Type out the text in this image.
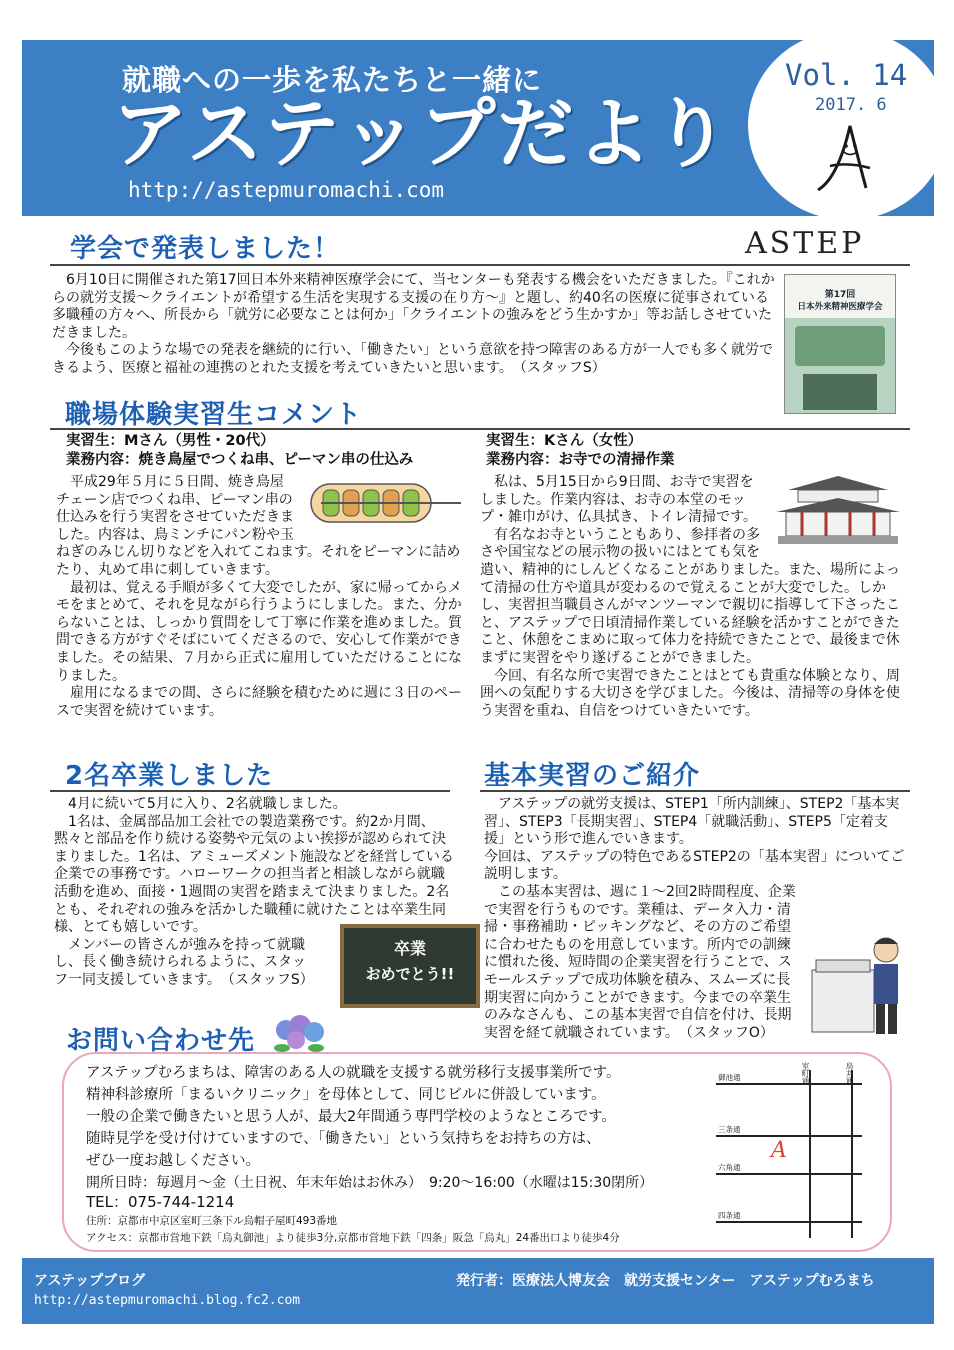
就職への一歩を私たちと一緒に
アステップだより
http://astepmuromachi.com
Vol. 14
2017. 6
学会で発表しました！	ASTEP

6月10日に開催された第17回日本外来精神医療学会にて、当センターも発表する機会をいただきました。『これからの就労支援～クライエントが希望する生活を実現する支援の在り方～』と題し、約40名の医療に従事されている多職種の方々へ、所長から「就労に必要なことは何か」「クライエントの強みをどう生かすか」等お話しさせていただきました。

今後もこのような場での発表を継続的に行い、「働きたい」という意欲を持つ障害のある方が一人でも多く就労できるよう、医療と福祉の連携のとれた支援を考えていきたいと思います。　（スタッフS）

第17回
日本外来精神医療学会
職場体験実習生コメント
実習生：Mさん（男性・20代）
業務内容：焼き鳥屋でつくね串、ピーマン串の仕込み

平成29年５月に５日間、焼き鳥屋チェーン店でつくね串、ピーマン串の仕込みを行う実習をさせていただきました。内容は、鳥ミンチにパン粉や玉ねぎのみじん切りなどを入れてこねます。それをピーマンに詰めたり、丸めて串に刺していきます。

最初は、覚える手順が多くて大変でしたが、家に帰ってからメモをまとめて、それを見ながら行うようにしました。また、分からないことは、しっかり質問をして丁寧に作業を進めました。質問できる方がすぐそばにいてくださるので、安心して作業ができました。その結果、７月から正式に雇用していただけることになりました。

雇用になるまでの間、さらに経験を積むために週に３日のペースで実習を続けています。

実習生：Kさん（女性）
業務内容：お寺での清掃作業

私は、5月15日から9日間、お寺で実習をしました。作業内容は、お寺の本堂のモップ・雑巾がけ、仏具拭き、トイレ清掃です。

有名なお寺ということもあり、参拝者の多さや国宝などの展示物の扱いにはとても気を遣い、精神的にしんどくなることがありました。また、場所によって清掃の仕方や道具が変わるので覚えることが大変でした。しかし、実習担当職員さんがマンツーマンで親切に指導して下さったこと、アステップで日頃清掃作業している経験を活かすことができたこと、休憩をこまめに取って体力を持続できたことで、最後まで休まずに実習をやり遂げることができました。

今回、有名な所で実習できたことはとても貴重な体験となり、周囲への気配りする大切さを学びました。今後は、清掃等の身体を使う実習を重ね、自信をつけていきたいです。

2名卒業しました

4月に続いて5月に入り、2名就職しました。

1名は、金属部品加工会社での製造業務です。約2か月間、黙々と部品を作り続ける姿勢や元気のよい挨拶が認められて決まりました。1名は、アミューズメント施設などを経営している企業での事務です。ハローワークの担当者と相談しながら就職活動を進め、面接・1週間の実習を踏まえて決まりました。2名とも、それぞれの強みを活かした職種に就けたことは卒業生同様、とても嬉しいです。

メンバーの皆さんが強みを持って就職し、長く働き続けられるように、スタッフ一同支援していきます。　（スタッフS）

卒業
おめでとう!!
基本実習のご紹介

アステップの就労支援は、STEP1「所内訓練」、STEP2「基本実習」、STEP3「長期実習」、STEP4「就職活動」、STEP5「定着支援」という形で進んでいきます。

今回は、アステップの特色であるSTEP2の「基本実習」についてご説明します。

この基本実習は、週に１～2回2時間程度、企業で実習を行うものです。業種は、データ入力・清掃・事務補助・ピッキングなど、その方のご希望に合わせたものを用意しています。所内での訓練に慣れた後、短時間の企業実習を行うことで、スモールステップで成功体験を積み、スムーズに長期実習に向かうことができます。今までの卒業生のみなさんも、この基本実習で自信を付け、長期実習を経て就職されています。　（スタッフO）

お問い合わせ先
アステップむろまちは、障害のある人の就職を支援する就労移行支援事業所です。
精神科診療所「まるいクリニック」を母体として、同じビルに併設しています。
一般の企業で働きたいと思う人が、最大2年間通う専門学校のようなところです。
随時見学を受け付けていますので、「働きたい」という気持ちをお持ちの方は、
ぜひ一度お越しください。
開所日時：毎週月～金（土日祝、年末年始はお休み）　9:20～16:00（水曜は15:30閉所）
TEL：075-744-1214
住所：京都市中京区室町三条下ル烏帽子屋町493番地
アクセス：京都市営地下鉄「烏丸御池」より徒歩3分,京都市営地下鉄「四条」阪急「烏丸」24番出口より徒歩4分
御池通
三条通
六角通
四条通
室町通	烏丸通
A
アステップブログ
http://astepmuromachi.blog.fc2.com
発行者：医療法人博友会　就労支援センター　アステップむろまち
